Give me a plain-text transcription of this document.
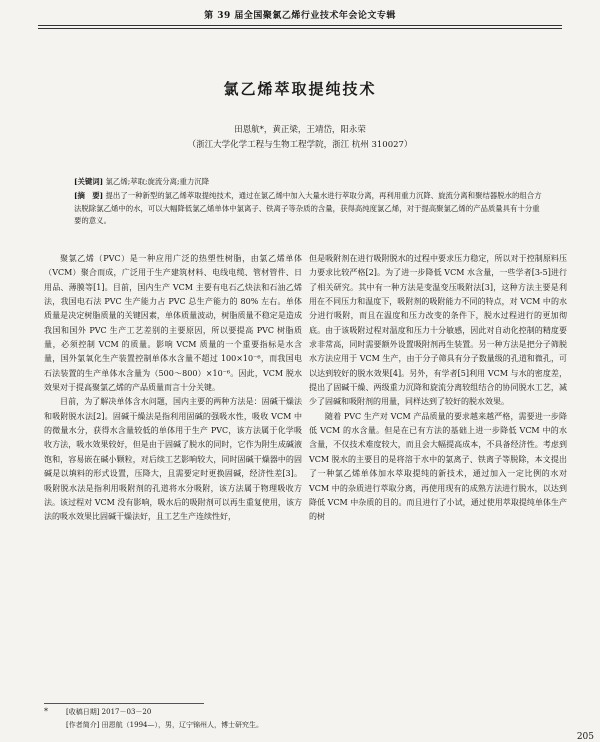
第 39 届全国聚氯乙烯行业技术年会论文专辑
氯乙烯萃取提纯技术
田恩航*，黄正梁，王靖岱，阳永荣
（浙江大学化学工程与生物工程学院，浙江 杭州 310027）
[关键词] 氯乙烯;萃取;旋流分离;重力沉降
[摘　要] 提出了一种新型的氯乙烯萃取提纯技术，通过在氯乙烯中加入大量水进行萃取分离，再利用重力沉降、旋流分离和聚结器脱水的组合方法脱除氯乙烯中的水，可以大幅降低氯乙烯单体中氯离子、铁离子等杂质的含量，获得高纯度氯乙烯，对于提高聚氯乙烯的产品质量具有十分重要的意义。

聚氯乙烯（PVC）是一种应用广泛的热塑性树脂，由氯乙烯单体（VCM）聚合而成，广泛用于生产建筑材料、电线电缆、管材管件、日用品、薄膜等[1]。目前，国内生产 VCM 主要有电石乙炔法和石油乙烯法，我国电石法 PVC 生产能力占 PVC 总生产能力的 80% 左右。单体质量是决定树脂质量的关键因素，单体质量波动，树脂质量不稳定是造成我国和国外 PVC 生产工艺差别的主要原因，所以要提高 PVC 树脂质量，必须控制 VCM 的质量。影响 VCM 质量的一个重要指标是水含量，国外氯氧化生产装置控制单体水含量不超过 100×10⁻⁶，而我国电石法装置的生产单体水含量为（500～800）×10⁻⁶。因此，VCM 脱水效果对于提高聚氯乙烯的产品质量而言十分关键。

目前，为了解决单体含水问题，国内主要的两种方法是：固碱干燥法和吸附脱水法[2]。固碱干燥法是指利用固碱的强吸水性，吸收 VCM 中的微量水分，获得水含量较低的单体用于生产 PVC，该方法属于化学吸收方法，吸水效果较好，但是由于固碱了脱水的同时，它作为附生成碱液饱和，容易嵌在碱小颗粒，对后续工艺影响较大，同时固碱干燥器中的固碱是以填料的形式设置，压降大，且需要定时更换固碱，经济性差[3]。吸附脱水法是指利用吸附剂的孔道将水分吸附，该方法属于物理吸收方法。该过程对 VCM 没有影响，吸水后的吸附剂可以再生重复使用，该方法的吸水效果比固碱干燥法好，且工艺生产连续性好，

但是吸附剂在进行吸附脱水的过程中要求压力稳定，所以对于控制原料压力要求比较严格[2]。为了进一步降低 VCM 水含量，一些学者[3-5]进行了相关研究。其中有一种方法是变温变压吸附法[3]，这种方法主要是利用在不同压力和温度下，吸附剂的吸附能力不同的特点，对 VCM 中的水分进行吸附，而且在温度和压力改变的条件下，脱水过程进行的更加彻底。由于该吸附过程对温度和压力十分敏感，因此对自动化控制的精度要求非常高，同时需要额外设置吸附剂再生装置。另一种方法是把分子筛脱水方法应用于 VCM 生产，由于分子筛具有分子数量级的孔道和微孔，可以达到较好的脱水效果[4]。另外，有学者[5]利用 VCM 与水的密度差，提出了固碱干燥、两级重力沉降和旋流分离较组结合的协同脱水工艺，减少了固碱和吸附剂的用量，同样达到了较好的脱水效果。

随着 PVC 生产对 VCM 产品质量的要求越来越严格，需要进一步降低 VCM 的水含量。但是在已有方法的基础上进一步降低 VCM 中的水含量，不仅技术难度较大，而且会大幅提高成本，不具备经济性。考虑到 VCM 脱水的主要目的是将溶于水中的氯离子、铁离子等脱除，本文提出了一种氯乙烯单体加水萃取提纯的新技术，通过加入一定比例的水对 VCM 中的杂质进行萃取分离，再使用现有的成熟方法进行脱水，以达到降低 VCM 中杂质的目的。而且进行了小试，通过使用萃取提纯单体生产的树

*	[收稿日期] 2017－03－20
[作者简介] 田恩航（1994—），男，辽宁锦州人，博士研究生。
205
